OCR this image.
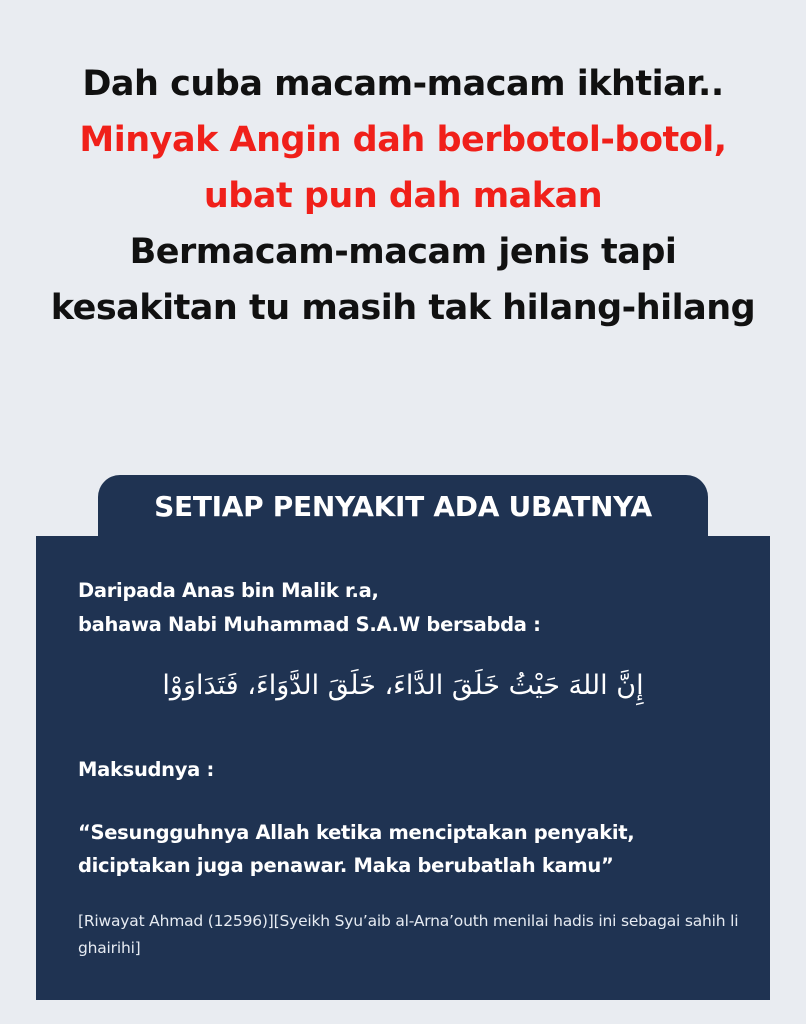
Dah cuba macam-macam ikhtiar.. Minyak Angin dah berbotol-botol, ubat pun dah makan
Bermacam-macam jenis tapi kesakitan tu masih tak hilang-hilang
SETIAP PENYAKIT ADA UBATNYA
Daripada Anas bin Malik r.a,
bahawa Nabi Muhammad S.A.W bersabda :
إِنَّ اللهَ حَيْثُ خَلَقَ الدَّاءَ، خَلَقَ الدَّوَاءَ، فَتَدَاوَوْا
Maksudnya :
“Sesungguhnya Allah ketika menciptakan penyakit, diciptakan juga penawar. Maka berubatlah kamu”
[Riwayat Ahmad (12596)][Syeikh Syu’aib al-Arna’outh menilai hadis ini sebagai sahih li ghairihi]
